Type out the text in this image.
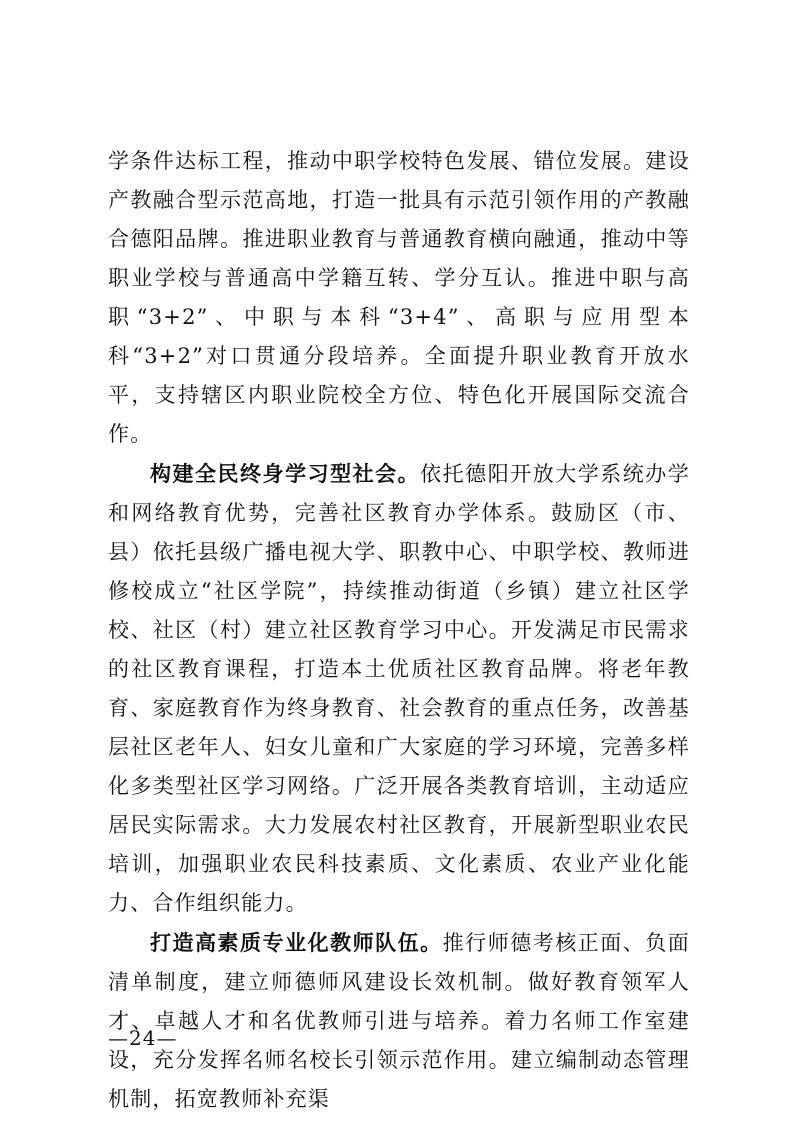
学条件达标工程，推动中职学校特色发展、错位发展。建设产教融合型示范高地，打造一批具有示范引领作用的产教融合德阳品牌。推进职业教育与普通教育横向融通，推动中等职业学校与普通高中学籍互转、学分互认。推进中职与高职“3+2”、中职与本科“3+4”、高职与应用型本科“3+2”对口贯通分段培养。全面提升职业教育开放水平，支持辖区内职业院校全方位、特色化开展国际交流合作。

构建全民终身学习型社会。依托德阳开放大学系统办学和网络教育优势，完善社区教育办学体系。鼓励区（市、县）依托县级广播电视大学、职教中心、中职学校、教师进修校成立“社区学院”，持续推动街道（乡镇）建立社区学校、社区（村）建立社区教育学习中心。开发满足市民需求的社区教育课程，打造本土优质社区教育品牌。将老年教育、家庭教育作为终身教育、社会教育的重点任务，改善基层社区老年人、妇女儿童和广大家庭的学习环境，完善多样化多类型社区学习网络。广泛开展各类教育培训，主动适应居民实际需求。大力发展农村社区教育，开展新型职业农民培训，加强职业农民科技素质、文化素质、农业产业化能力、合作组织能力。

打造高素质专业化教师队伍。推行师德考核正面、负面清单制度，建立师德师风建设长效机制。做好教育领军人才、卓越人才和名优教师引进与培养。着力名师工作室建设，充分发挥名师名校长引领示范作用。建立编制动态管理机制，拓宽教师补充渠

—24—
